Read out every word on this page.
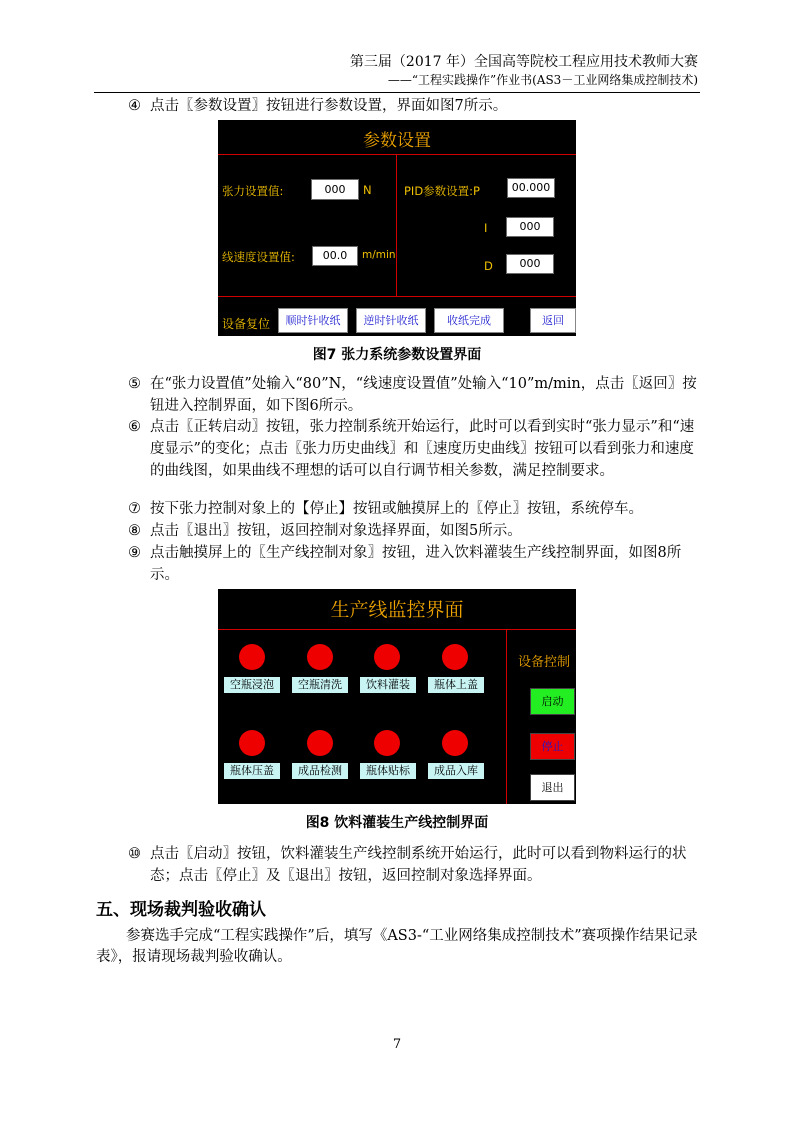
第三届（2017 年）全国高等院校工程应用技术教师大赛
——“工程实践操作”作业书(AS3－工业网络集成控制技术)
④ 点击〖参数设置〗按钮进行参数设置，界面如图7所示。
参数设置
张力设置值:	000	N
线速度设置值:	00.0	m/min
PID参数设置:P	00.000
I	000
D	000
设备复位	顺时针收纸	逆时针收纸	收纸完成	返回
图7 张力系统参数设置界面
⑤ 在“张力设置值”处输入“80”N，“线速度设置值”处输入“10”m/min，点击〖返回〗按钮进入控制界面，如下图6所示。
⑥ 点击〖正转启动〗按钮，张力控制系统开始运行，此时可以看到实时“张力显示”和“速度显示”的变化；点击〖张力历史曲线〗和〖速度历史曲线〗按钮可以看到张力和速度的曲线图，如果曲线不理想的话可以自行调节相关参数，满足控制要求。
⑦ 按下张力控制对象上的【停止】按钮或触摸屏上的〖停止〗按钮，系统停车。
⑧ 点击〖退出〗按钮，返回控制对象选择界面，如图5所示。
⑨ 点击触摸屏上的〖生产线控制对象〗按钮，进入饮料灌装生产线控制界面，如图8所示。
生产线监控界面
空瓶浸泡	空瓶清洗	饮料灌装	瓶体上盖
瓶体压盖	成品检测	瓶体贴标	成品入库
设备控制
启动
停止
退出
图8 饮料灌装生产线控制界面
⑩ 点击〖启动〗按钮，饮料灌装生产线控制系统开始运行，此时可以看到物料运行的状态；点击〖停止〗及〖退出〗按钮，返回控制对象选择界面。
五、现场裁判验收确认
参赛选手完成“工程实践操作”后，填写《AS3-“工业网络集成控制技术”赛项操作结果记录表》，报请现场裁判验收确认。
7
